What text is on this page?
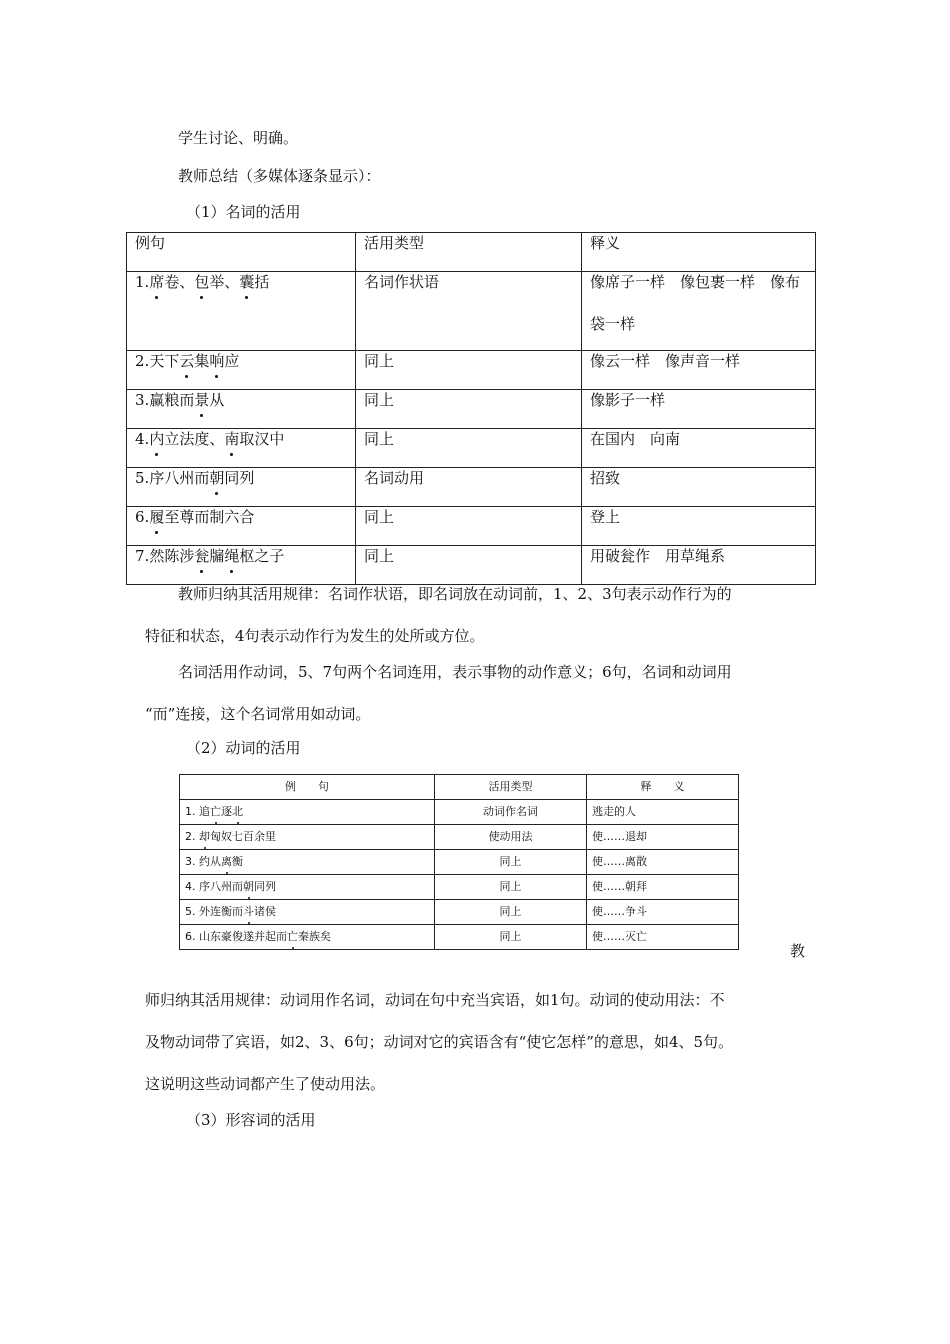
学生讨论、明确。
教师总结（多媒体逐条显示）：
（1）名词的活用
例句	活用类型	释义
1.席卷、包举、囊括	名词作状语	像席子一样　像包裹一样　像布袋一样

2.天下云集响应	同上	像云一样　像声音一样
3.赢粮而景从	同上	像影子一样
4.内立法度、南取汉中	同上	在国内　向南
5.序八州而朝同列	名词动用	招致
6.履至尊而制六合	同上	登上
7.然陈涉瓮牖绳枢之子	同上	用破瓮作　用草绳系
教师归纳其活用规律：名词作状语，即名词放在动词前，1、2、3句表示动作行为的
特征和状态，4句表示动作行为发生的处所或方位。
名词活用作动词，5、7句两个名词连用，表示事物的动作意义；6句，名词和动词用
“而”连接，这个名词常用如动词。
（2）动词的活用
例　　句	活用类型	释　　义
1. 追亡逐北	动词作名词	逃走的人
2. 却匈奴七百余里	使动用法	使……退却
3. 约从离衡	同上	使……离散
4. 序八州而朝同列	同上	使……朝拜
5. 外连衡而斗诸侯	同上	使……争斗
6. 山东豪俊遂并起而亡秦族矣	同上	使……灭亡
教
师归纳其活用规律：动词用作名词，动词在句中充当宾语，如1句。动词的使动用法：不
及物动词带了宾语，如2、3、6句；动词对它的宾语含有“使它怎样”的意思，如4、5句。
这说明这些动词都产生了使动用法。
（3）形容词的活用
